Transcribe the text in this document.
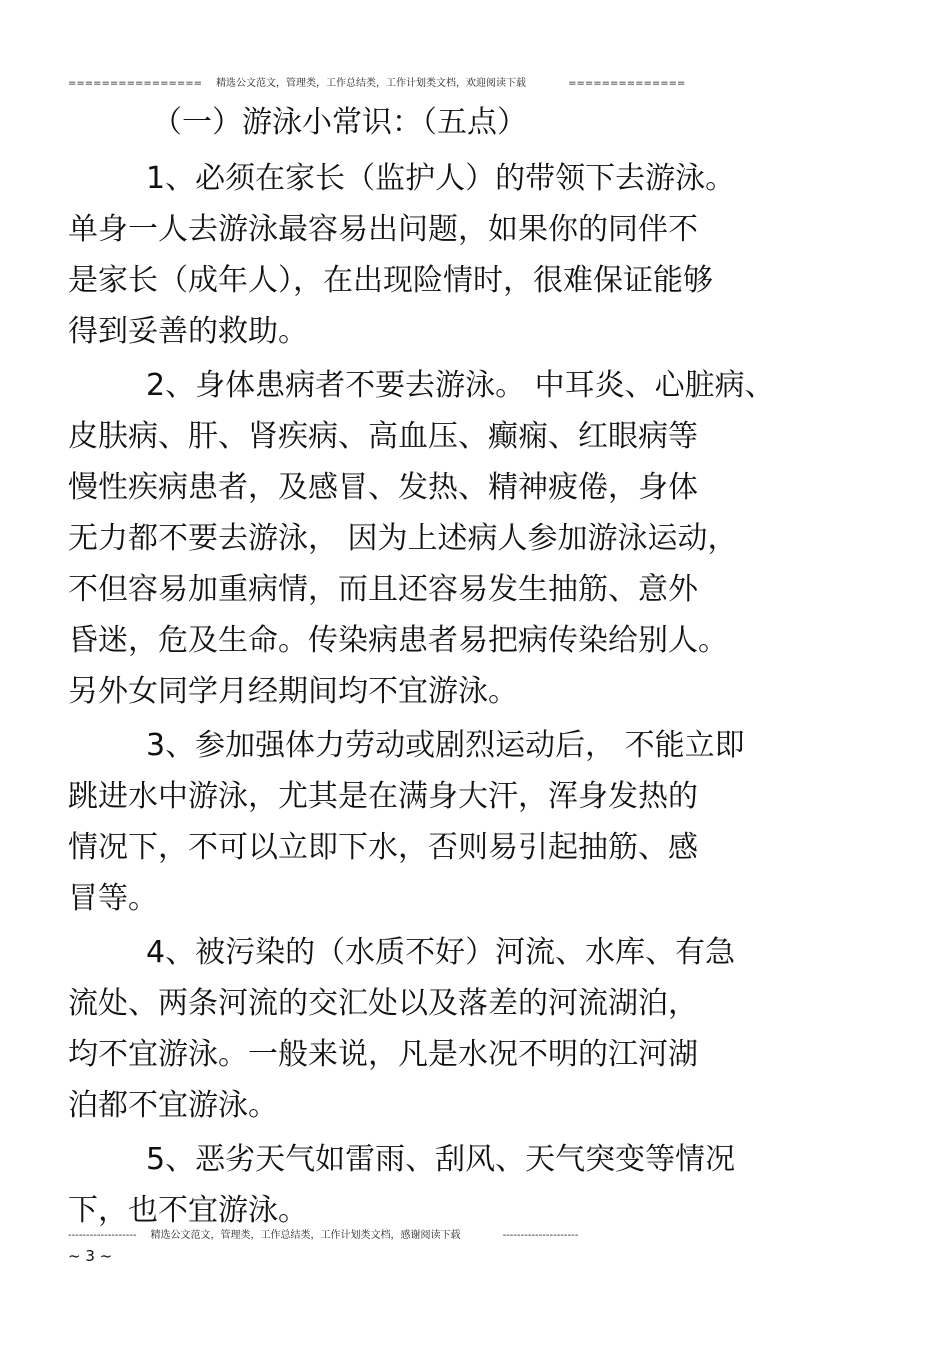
================ 精选公文范文，管理类，工作总结类，工作计划类文档，欢迎阅读下载	==============
（一）游泳小常识：（五点）
1、必须在家长（监护人）的带领下去游泳。
单身一人去游泳最容易出问题，如果你的同伴不
是家长（成年人），在出现险情时，很难保证能够
得到妥善的救助。
2、身体患病者不要去游泳。 中耳炎、心脏病、
皮肤病、肝、肾疾病、高血压、癫痫、红眼病等
慢性疾病患者，及感冒、发热、精神疲倦，身体
无力都不要去游泳， 因为上述病人参加游泳运动，
不但容易加重病情，而且还容易发生抽筋、意外
昏迷，危及生命。传染病患者易把病传染给别人。
另外女同学月经期间均不宜游泳。
3、参加强体力劳动或剧烈运动后， 不能立即
跳进水中游泳，尤其是在满身大汗，浑身发热的
情况下，不可以立即下水，否则易引起抽筋、感
冒等。
4、被污染的（水质不好）河流、水库、有急
流处、两条河流的交汇处以及落差的河流湖泊，
均不宜游泳。一般来说，凡是水况不明的江河湖
泊都不宜游泳。
5、恶劣天气如雷雨、刮风、天气突变等情况
下，也不宜游泳。
------------------- 精选公文范文，管理类，工作总结类，工作计划类文档，感谢阅读下载	---------------------
~ 3 ~
